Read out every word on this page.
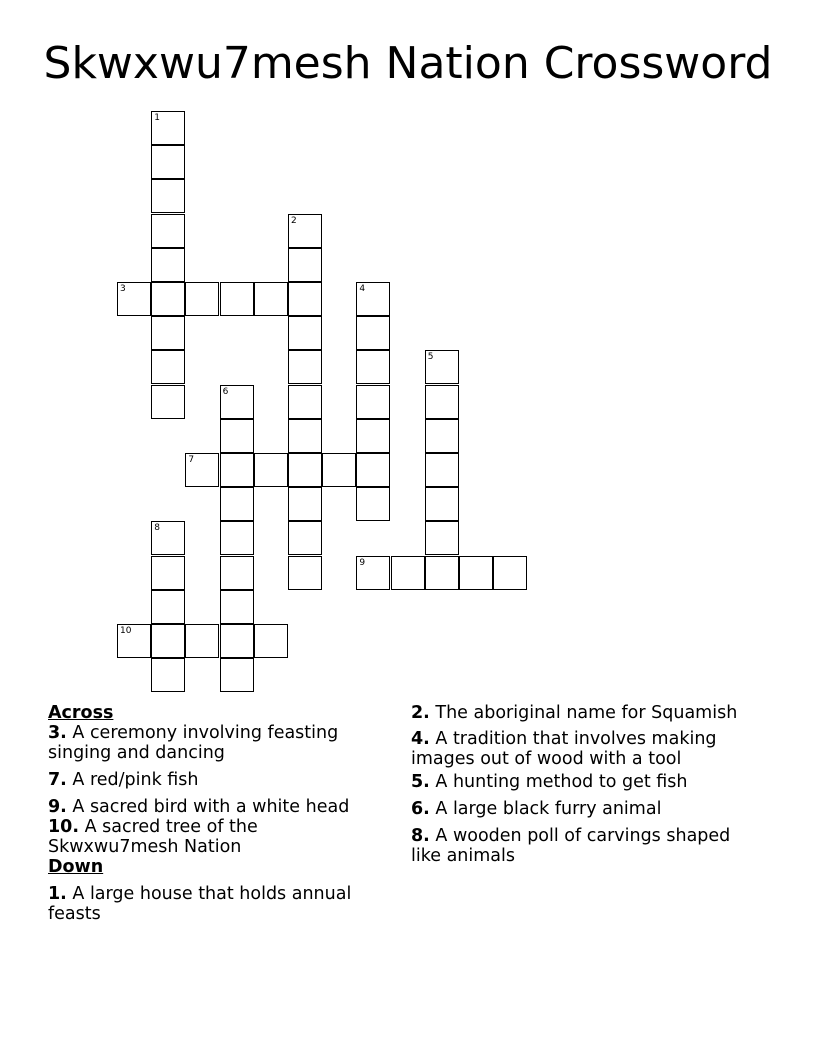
Skwxwu7mesh Nation Crossword
1
2
3	4
5
6
7
8
9
10

Across

3. A ceremony involving feasting singing and dancing

7. A red/pink fish

9. A sacred bird with a white head

10. A sacred tree of the Skwxwu7mesh Nation

Down

1. A large house that holds annual feasts

2. The aboriginal name for Squamish

4. A tradition that involves making images out of wood with a tool

5. A hunting method to get fish

6. A large black furry animal

8. A wooden poll of carvings shaped like animals
